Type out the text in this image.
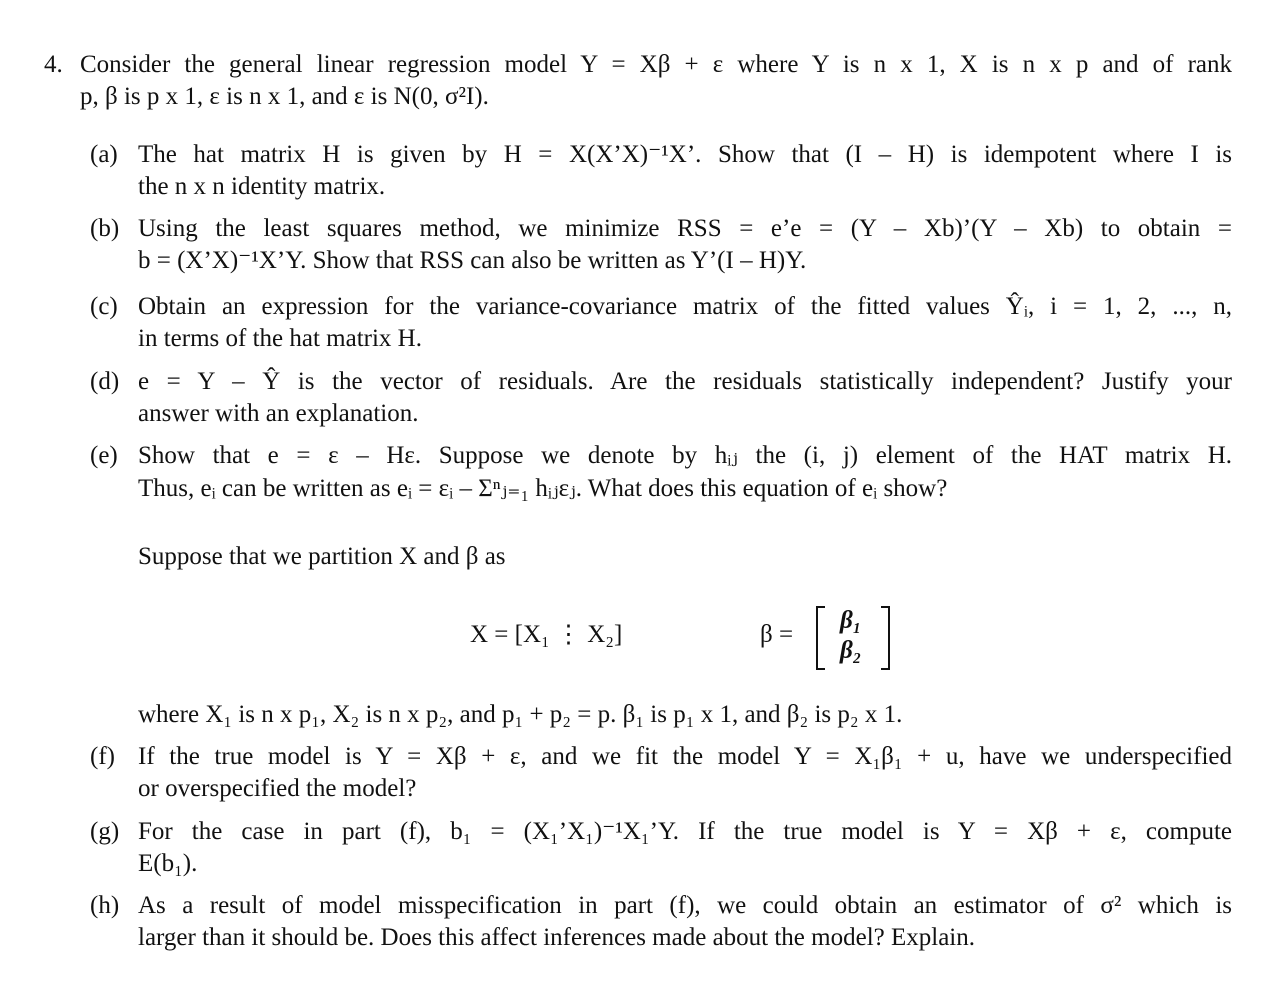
4. Consider the general linear regression model Y = Xβ + ε where Y is n x 1, X is n x p and of rank
p, β is p x 1, ε is n x 1, and ε is N(0, σ²I).
(a) The hat matrix H is given by H = X(X’X)⁻¹X’. Show that (I – H) is idempotent where I is
the n x n identity matrix.
(b) Using the least squares method, we minimize RSS = e’e = (Y – Xb)’(Y – Xb) to obtain =
b = (X’X)⁻¹X’Y. Show that RSS can also be written as Y’(I – H)Y.
(c) Obtain an expression for the variance-covariance matrix of the fitted values Ŷᵢ, i = 1, 2, ..., n,
in terms of the hat matrix H.
(d) e = Y – Ŷ is the vector of residuals. Are the residuals statistically independent? Justify your
answer with an explanation.
(e) Show that e = ε – Hε. Suppose we denote by hᵢⱼ the (i, j) element of the HAT matrix H.
Thus, eᵢ can be written as eᵢ = εᵢ – Σⁿⱼ₌₁ hᵢⱼεⱼ. What does this equation of eᵢ show?
Suppose that we partition X and β as
X = [X₁ ⋮ X₂]	β =
β₁
β₂
where X₁ is n x p₁, X₂ is n x p₂, and p₁ + p₂ = p. β₁ is p₁ x 1, and β₂ is p₂ x 1.
(f) If the true model is Y = Xβ + ε, and we fit the model Y = X₁β₁ + u, have we underspecified
or overspecified the model?
(g) For the case in part (f), b₁ = (X₁’X₁)⁻¹X₁’Y. If the true model is Y = Xβ + ε, compute
E(b₁).
(h) As a result of model misspecification in part (f), we could obtain an estimator of σ² which is
larger than it should be. Does this affect inferences made about the model? Explain.
